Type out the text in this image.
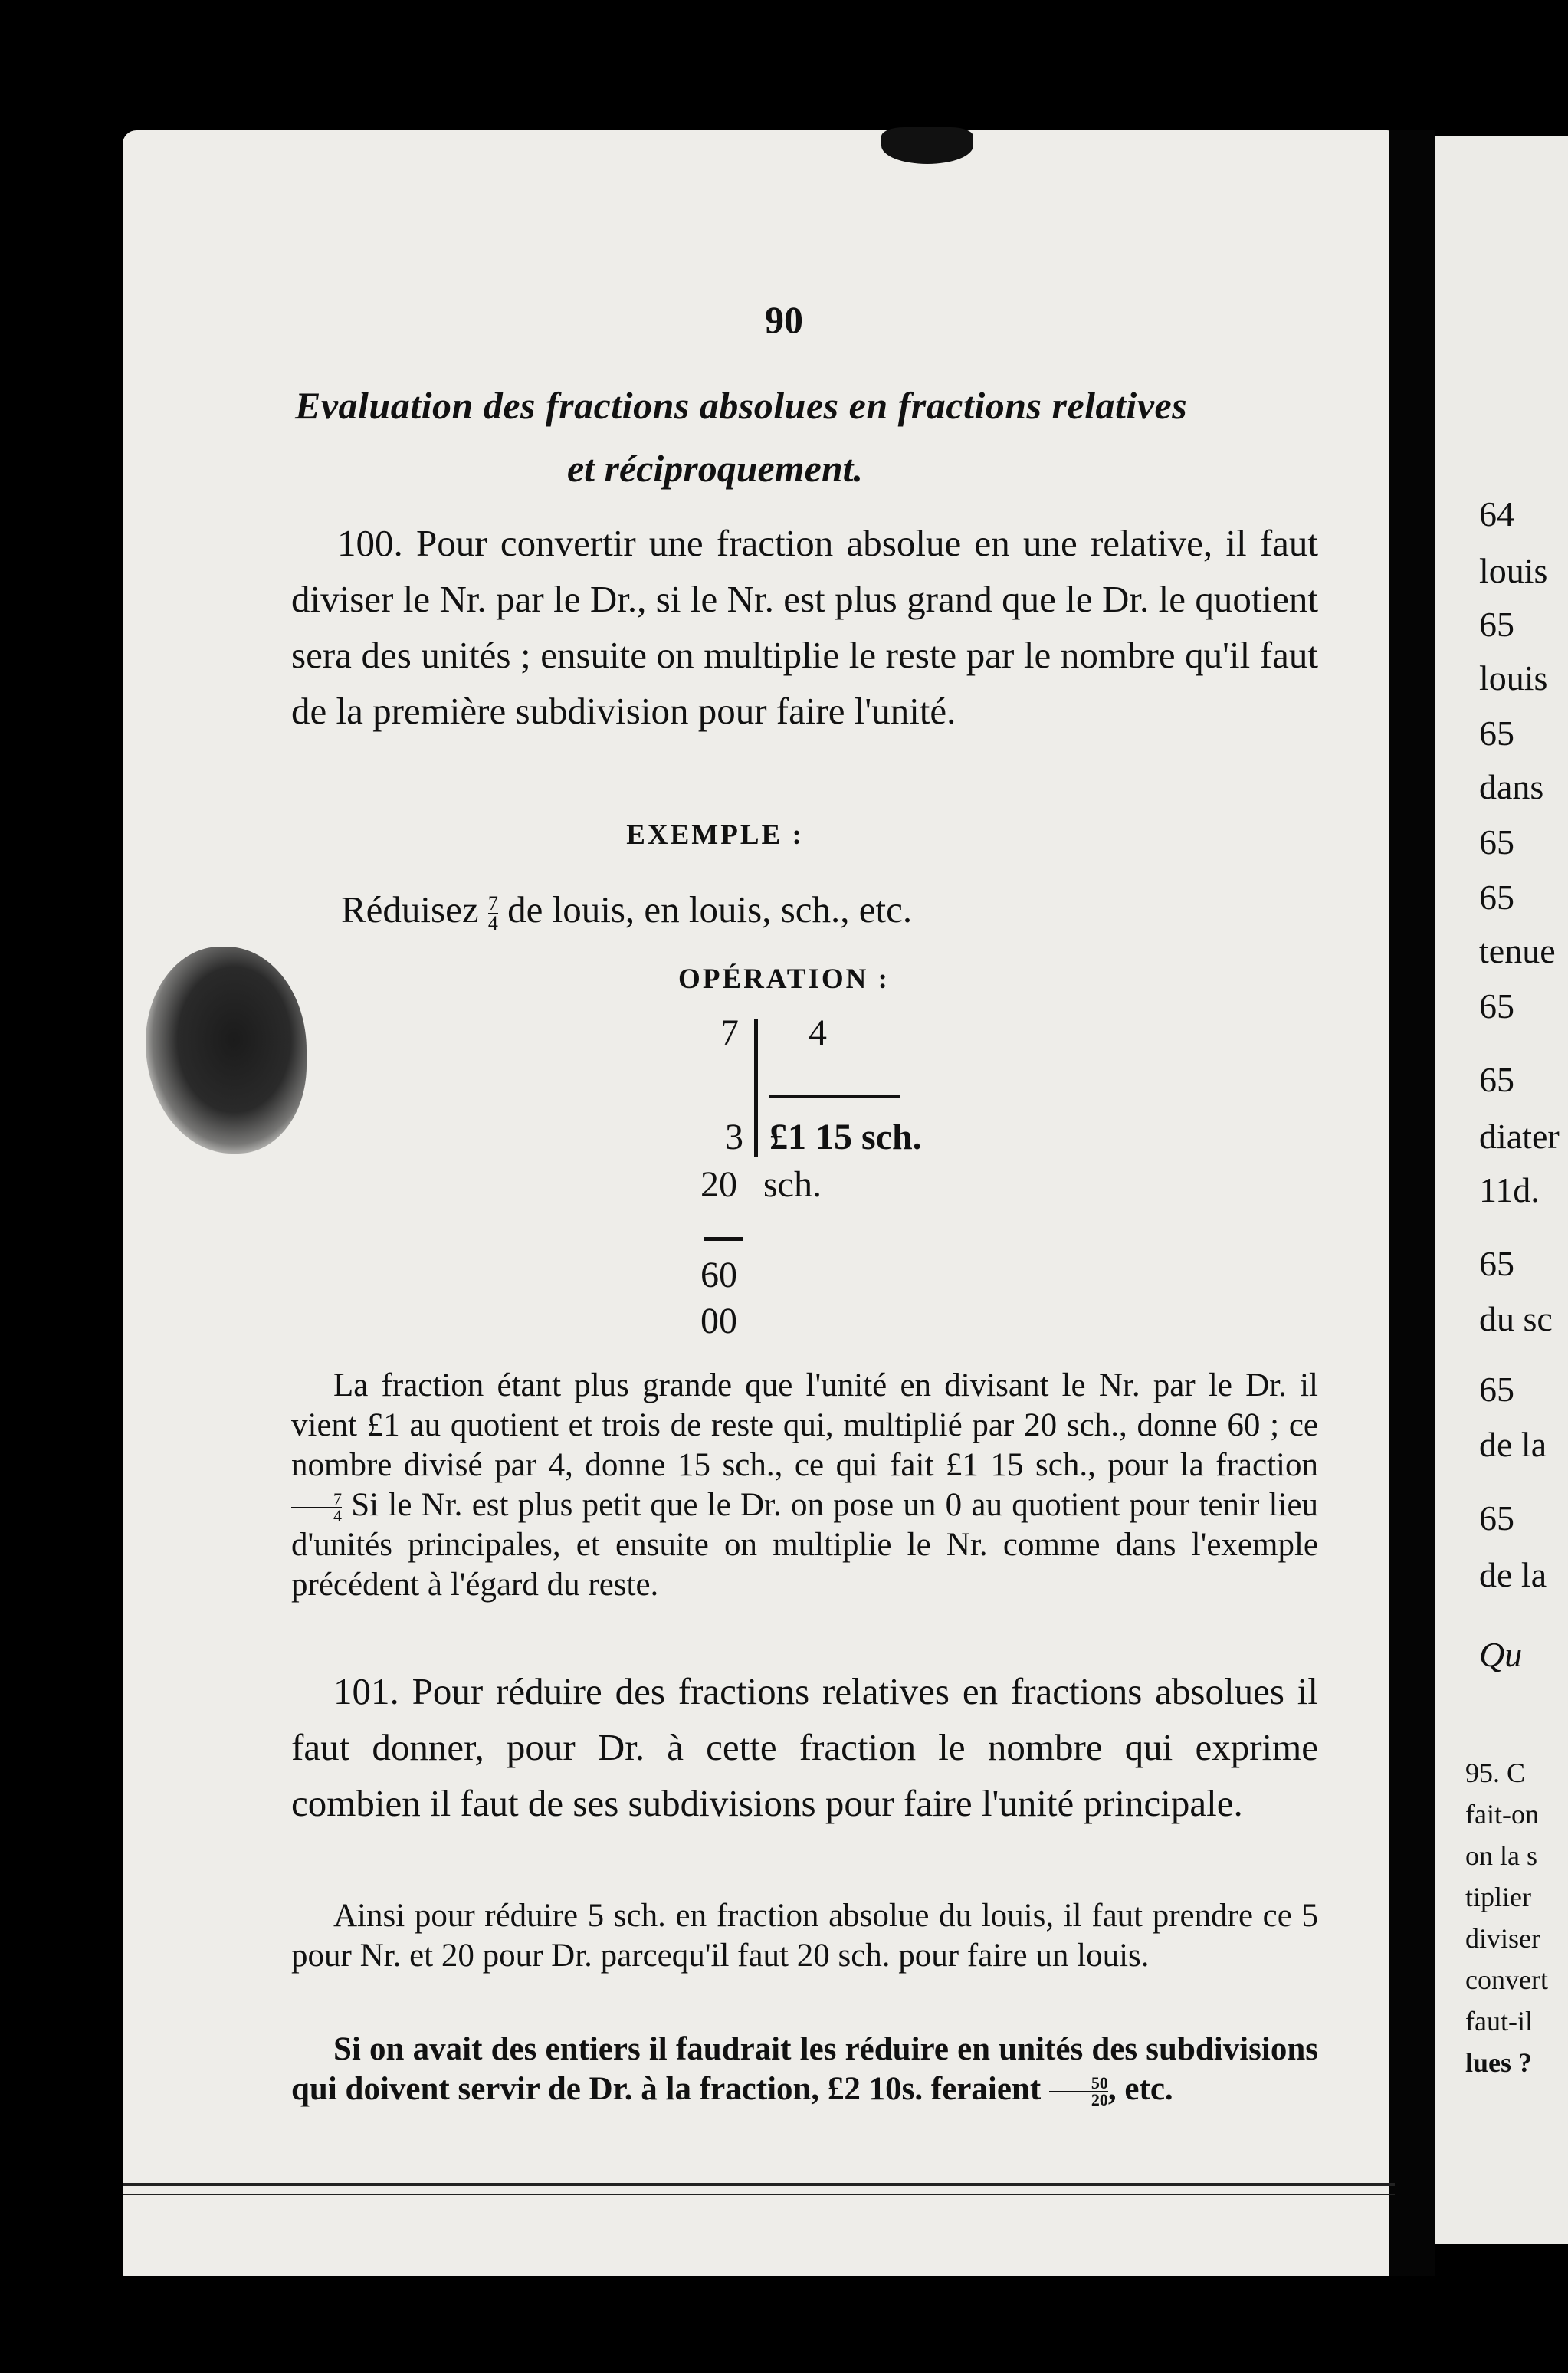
90

Evaluation des fractions absolues en fractions relatives

et réciproquement.

100. Pour convertir une fraction absolue en une relative, il faut diviser le Nr. par le Dr., si le Nr. est plus grand que le Dr. le quotient sera des unités ; ensuite on multiplie le reste par le nombre qu'il faut de la première subdivision pour faire l'unité.

EXEMPLE :

Réduisez $\frac{7}{4}$ de louis, en louis, sch., etc.

OPÉRATION :

7 4

3 £1 15 sch.

20 sch.

60

00

La fraction étant plus grande que l'unité en divisant le Nr. par le Dr. il vient £1 au quotient et trois de reste qui, multiplié par 20 sch., donne 60 ; ce nombre divisé par 4, donne 15 sch., ce qui fait £1 15 sch., pour la fraction
$\frac{7}{4}$ Si le Nr. est plus petit que le Dr. on pose un 0 au quotient pour tenir lieu d'unités principales, et ensuite on multiplie le Nr. comme dans l'exemple précédent à l'égard du reste.

101. Pour réduire des fractions relatives en fractions absolues il faut donner, pour Dr. à cette fraction le nombre qui exprime combien il faut de ses subdivisions pour faire l'unité principale.

Ainsi pour réduire 5 sch. en fraction absolue du louis, il faut prendre ce 5 pour Nr. et 20 pour Dr. parcequ'il faut 20 sch. pour faire un louis.

Si on avait des entiers il faudrait les réduire en unités des subdivisions qui doivent servir de Dr. à la fraction, £2 10s. feraient $\frac{50}{20}$ , etc.

64

louis

65

louis

65

dans

65

65

tenue

65

65

diater

11d.

65

du sc

65

de la

65

de la

Qu

95. C

fait-on

on la s

tiplier

diviser

convert

faut-il

lues ?
